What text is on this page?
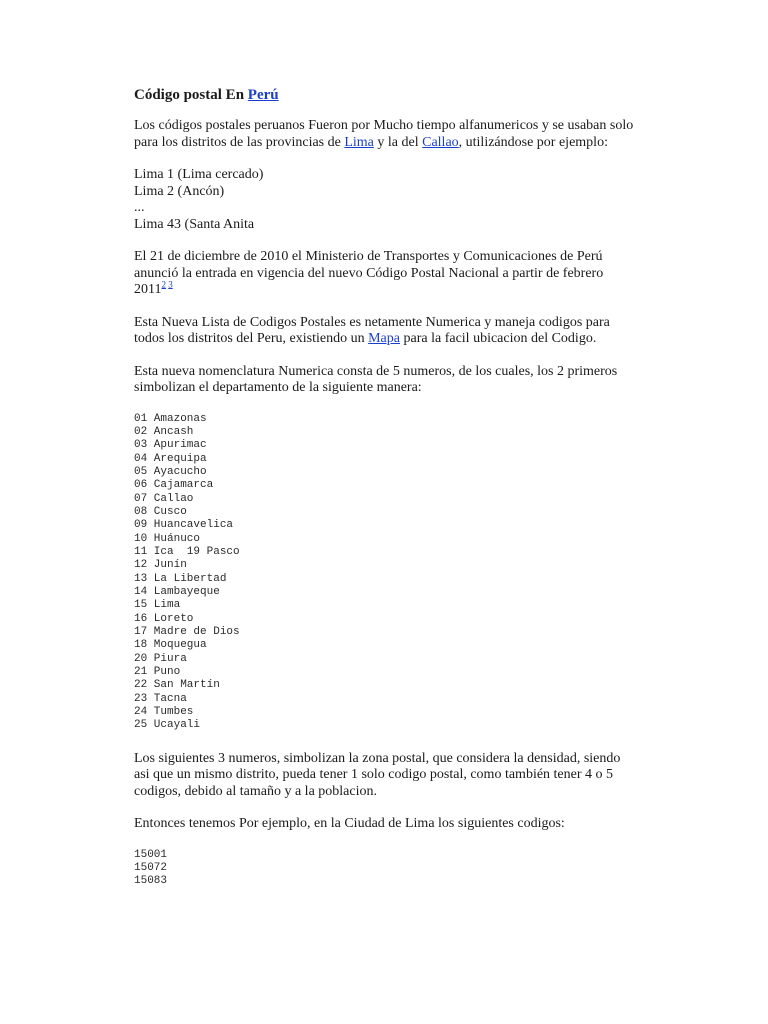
Código postal En Perú

Los códigos postales peruanos Fueron por Mucho tiempo alfanumericos y se usaban solo para los distritos de las provincias de Lima y la del Callao, utilizándose por ejemplo:

Lima 1 (Lima cercado)
Lima 2 (Ancón)
...
Lima 43 (Santa Anita

El 21 de diciembre de 2010 el Ministerio de Transportes y Comunicaciones de Perú anunció la entrada en vigencia del nuevo Código Postal Nacional a partir de febrero 2011$^{2 3}$

Esta Nueva Lista de Codigos Postales es netamente Numerica y maneja codigos para todos los distritos del Peru, existiendo un Mapa para la facil ubicacion del Codigo.

Esta nueva nomenclatura Numerica consta de 5 numeros, de los cuales, los 2 primeros simbolizan el departamento de la siguiente manera:

01 Amazonas
02 Ancash
03 Apurimac
04 Arequipa
05 Ayacucho
06 Cajamarca
07 Callao
08 Cusco
09 Huancavelica
10 Huánuco
11 Ica  19 Pasco
12 Junín
13 La Libertad
14 Lambayeque
15 Lima
16 Loreto
17 Madre de Dios
18 Moquegua
20 Piura
21 Puno
22 San Martín
23 Tacna
24 Tumbes
25 Ucayali

Los siguientes 3 numeros, simbolizan la zona postal, que considera la densidad, siendo asi que un mismo distrito, pueda tener 1 solo codigo postal, como también tener 4 o 5 codigos, debido al tamaño y a la poblacion.

Entonces tenemos Por ejemplo, en la Ciudad de Lima los siguientes codigos:

15001
15072
15083
